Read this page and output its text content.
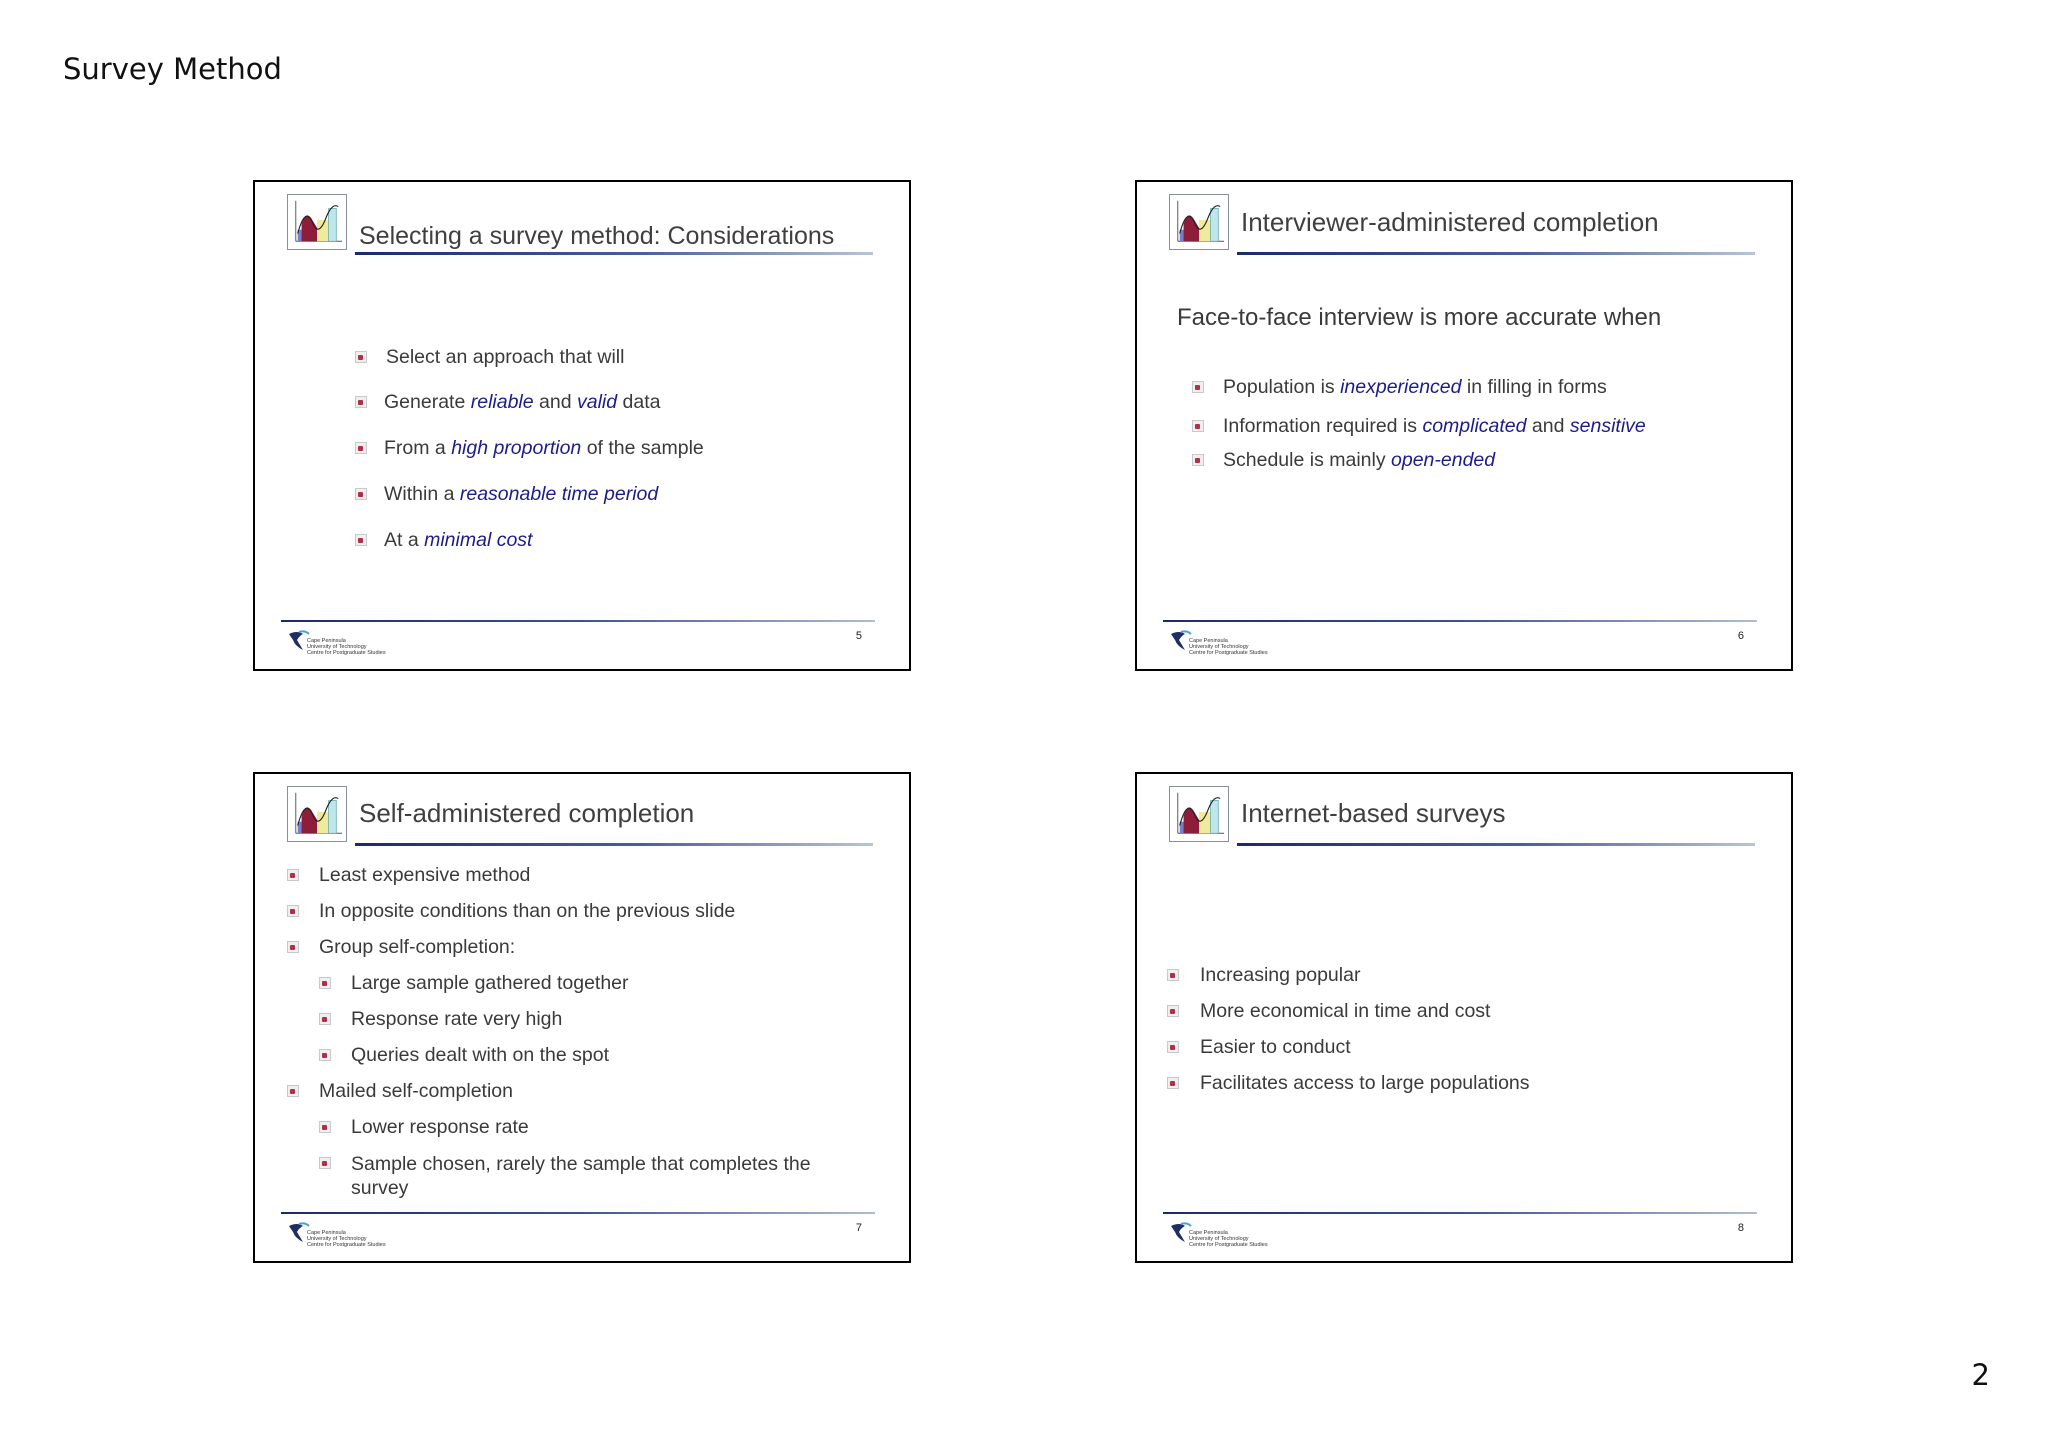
Survey Method
Selecting a survey method: Considerations
Select an approach that will
Generate reliable and valid data
From a high proportion of the sample
Within a reasonable time period
At a minimal cost
Cape Peninsula
University of Technology
Centre for Postgraduate Studies
5
Interviewer-administered completion
Face-to-face interview is more accurate when
Population is inexperienced in filling in forms
Information required is complicated and sensitive
Schedule is mainly open-ended
Cape Peninsula
University of Technology
Centre for Postgraduate Studies
6
Self-administered completion
Least expensive method
In opposite conditions than on the previous slide
Group self-completion:
Large sample gathered together
Response rate very high
Queries dealt with on the spot
Mailed self-completion
Lower response rate
Sample chosen, rarely the sample that completes the survey
Cape Peninsula
University of Technology
Centre for Postgraduate Studies
7
Internet-based surveys
Increasing popular
More economical in time and cost
Easier to conduct
Facilitates access to large populations
Cape Peninsula
University of Technology
Centre for Postgraduate Studies
8
2
